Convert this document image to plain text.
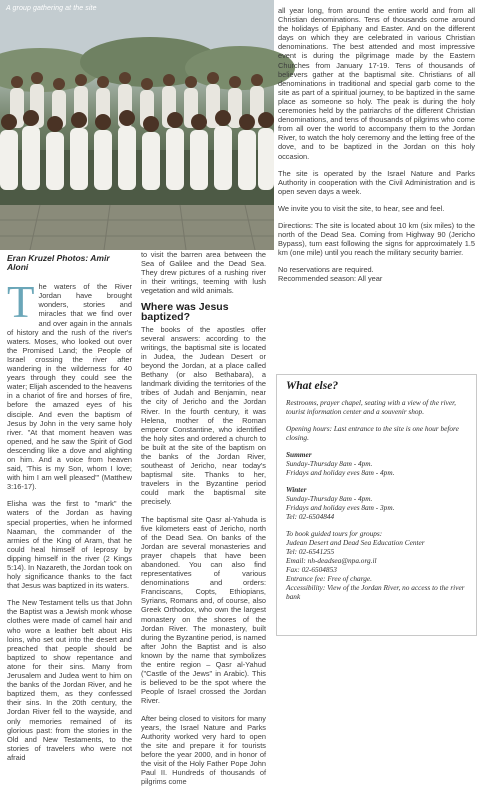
A group gathering at the site
Eran Kruzel Photos: Amir Aloni

T he waters of the River Jordan have brought wonders, stories and miracles that we find over and over again in the annals of history and the rush of the river's waters. Moses, who looked out over the Promised Land; the People of Israel crossing the river after wandering in the wilderness for 40 years through they could see the water; Elijah ascended to the heavens in a chariot of fire and horses of fire, before the amazed eyes of his disciple. And even the baptism of Jesus by John in the very same holy river. "At that moment heaven was opened, and he saw the Spirit of God descending like a dove and alighting on him. And a voice from heaven said, 'This is my Son, whom I love; with him I am well pleased'" (Matthew 3:16-17).

Elisha was the first to "mark" the waters of the Jordan as having special properties, when he informed Naaman, the commander of the armies of the King of Aram, that he could heal himself of leprosy by dipping himself in the river (2 Kings 5:14). In Nazareth, the Jordan took on holy significance thanks to the fact that Jesus was baptized in its waters.

The New Testament tells us that John the Baptist was a Jewish monk whose clothes were made of camel hair and who wore a leather belt about His loins, who set out into the desert and preached that people should be baptized to show repentance and atone for their sins. Many from Jerusalem and Judea went to him on the banks of the Jordan River, and he baptized them, as they confessed their sins. In the 20th century, the Jordan River fell to the wayside, and only memories remained of its glorious past: from the stories in the Old and New Testaments, to the stories of travelers who were not afraid

to visit the barren area between the Sea of Galilee and the Dead Sea. They drew pictures of a rushing river in their writings, teeming with lush vegetation and wild animals.

Where was Jesus baptized?

The books of the apostles offer several answers: according to the writings, the baptismal site is located in Judea, the Judean Desert or beyond the Jordan, at a place called Bethany (or also Bethabara), a landmark dividing the territories of the tribes of Judah and Benjamin, near the city of Jericho and the Jordan River. In the fourth century, it was Helena, mother of the Roman emperor Constantine, who identified the holy sites and ordered a church to be built at the site of the baptism on the banks of the Jordan River, southeast of Jericho, near today's baptismal site. Thanks to her, travelers in the Byzantine period could mark the baptismal site precisely.

The baptismal site Qasr al-Yahuda is five kilometers east of Jericho, north of the Dead Sea. On banks of the Jordan are several monasteries and prayer chapels that have been abandoned. You can also find representatives of various denominations and orders: Franciscans, Copts, Ethiopians, Syrians, Romans and, of course, also Greek Orthodox, who own the largest monastery on the shores of the Jordan River. The monastery, built during the Byzantine period, is named after John the Baptist and is also known by the name that symbolizes the entire region – Qasr al-Yahud ("Castle of the Jews" in Arabic). This is believed to be the spot where the People of Israel crossed the Jordan River.

After being closed to visitors for many years, the Israel Nature and Parks Authority worked very hard to open the site and prepare it for tourists before the year 2000, and in honor of the visit of the Holy Father Pope John Paul II. Hundreds of thousands of pilgrims come

all year long, from around the entire world and from all Christian denominations. Tens of thousands come around the holidays of Epiphany and Easter. And on the different days on which they are celebrated in various Christian denominations. The best attended and most impressive event is during the pilgrimage made by the Eastern Churches from January 17-19. Tens of thousands of believers gather at the baptismal site. Christians of all denominations in traditional and special garb come to the site as part of a spiritual journey, to be baptized in the same place as someone so holy. The peak is during the holy ceremonies held by the patriarchs of the different Christian denominations, and tens of thousands of pilgrims who come from all over the world to accompany them to the Jordan River, to watch the holy ceremony and the letting free of the dove, and to be baptized in the Jordan on this holy occasion.

The site is operated by the Israel Nature and Parks Authority in cooperation with the Civil Administration and is open seven days a week.

We invite you to visit the site, to hear, see and feel.

Directions: The site is located about 10 km (six miles) to the north of the Dead Sea. Coming from Highway 90 (Jericho Bypass), turn east following the signs for approximately 1.5 km (one mile) until you reach the military security barrier.

No reservations are required.
Recommended season: All year

What else?
Restrooms, prayer chapel, seating with a view of the river, tourist information center and a souvenir shop.
Opening hours: Last entrance to the site is one hour before closing.
Summer
Sunday-Thursday 8am - 4pm.
Fridays and holiday eves 8am - 4pm.
Winter
Sunday-Thursday 8am - 4pm.
Fridays and holiday eves 8am - 3pm.
Tel: 02-6504844
To book guided tours for groups:
Judean Desert and Dead Sea Education Center
Tel: 02-6541255
Email: nh-deadsea@npa.org.il
Fax: 02-6504853
Entrance fee: Free of charge.
Accessibility: View of the Jordan River, no access to the river bank
